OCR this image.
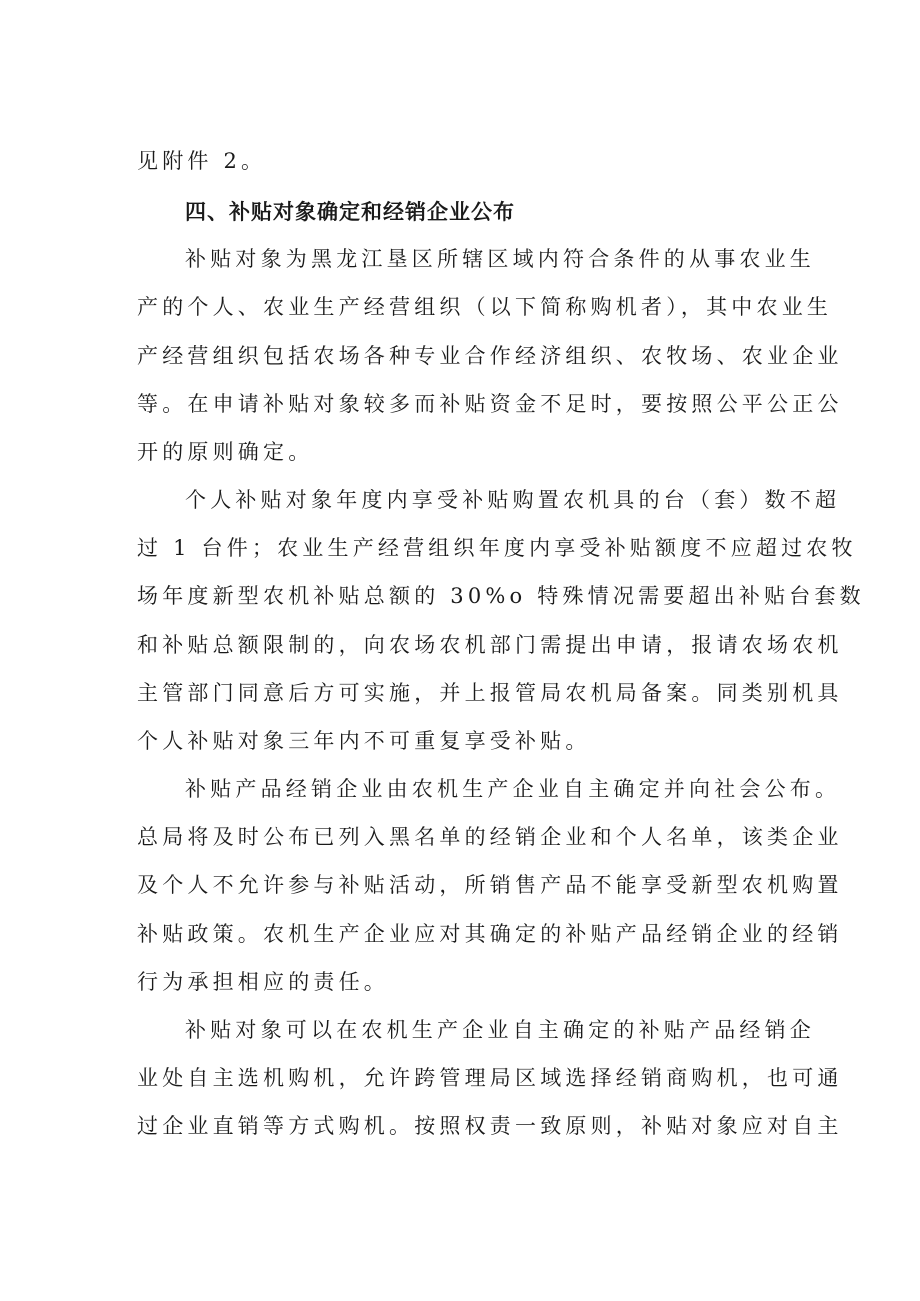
见附件 2。
四、补贴对象确定和经销企业公布
补贴对象为黑龙江垦区所辖区域内符合条件的从事农业生
产的个人、农业生产经营组织（以下简称购机者），其中农业生
产经营组织包括农场各种专业合作经济组织、农牧场、农业企业
等。在申请补贴对象较多而补贴资金不足时，要按照公平公正公
开的原则确定。
个人补贴对象年度内享受补贴购置农机具的台（套）数不超
过 1 台件；农业生产经营组织年度内享受补贴额度不应超过农牧
场年度新型农机补贴总额的 30%o 特殊情况需要超出补贴台套数
和补贴总额限制的，向农场农机部门需提出申请，报请农场农机
主管部门同意后方可实施，并上报管局农机局备案。同类别机具
个人补贴对象三年内不可重复享受补贴。
补贴产品经销企业由农机生产企业自主确定并向社会公布。
总局将及时公布已列入黑名单的经销企业和个人名单，该类企业
及个人不允许参与补贴活动，所销售产品不能享受新型农机购置
补贴政策。农机生产企业应对其确定的补贴产品经销企业的经销
行为承担相应的责任。
补贴对象可以在农机生产企业自主确定的补贴产品经销企
业处自主选机购机，允许跨管理局区域选择经销商购机，也可通
过企业直销等方式购机。按照权责一致原则，补贴对象应对自主
